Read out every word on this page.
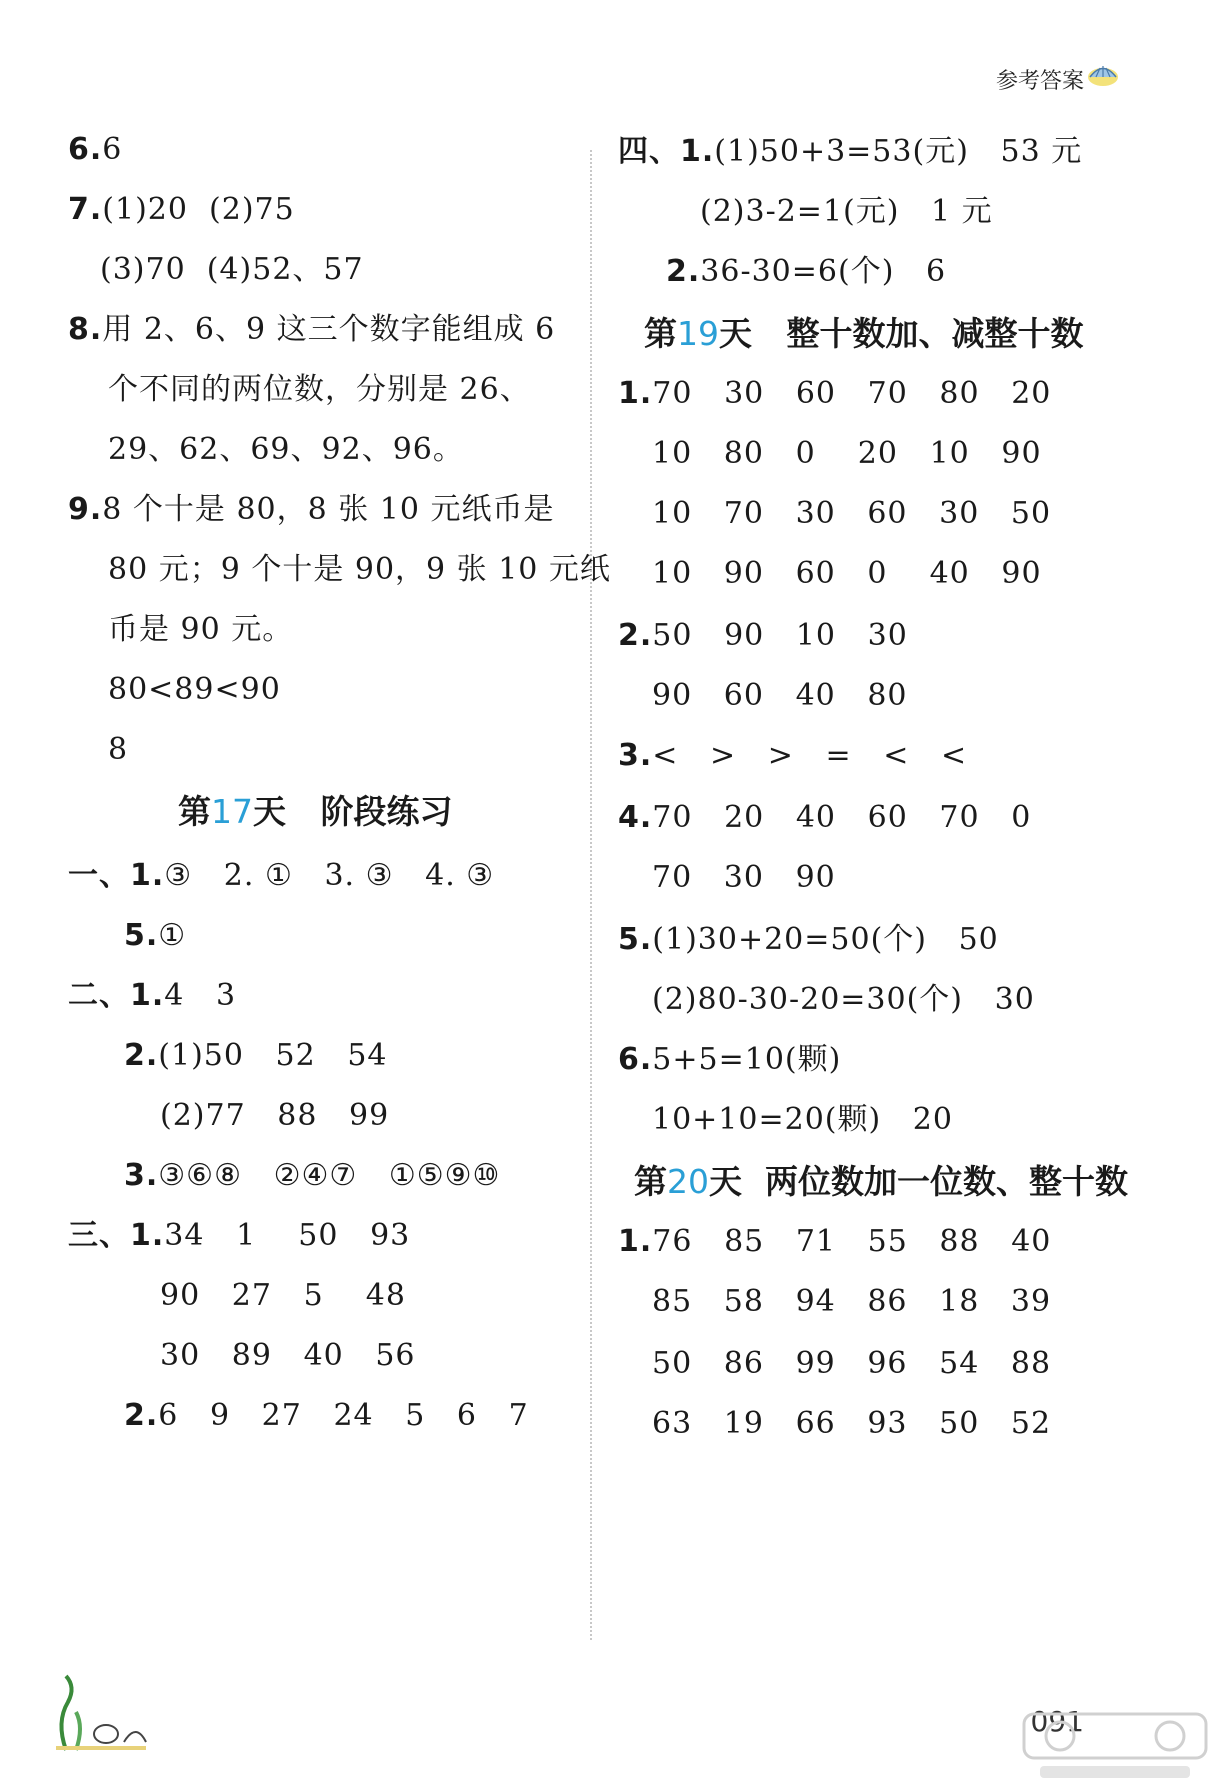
参考答案
6.6
7.(1)20  (2)75
(3)70  (4)52、57
8.用 2、6、9 这三个数字能组成 6
个不同的两位数，分别是 26、
29、62、69、92、96。
9.8 个十是 80，8 张 10 元纸币是
80 元；9 个十是 90，9 张 10 元纸
币是 90 元。
80<89<90
8
第17天   阶段练习
一、1.③   2. ①   3. ③   4. ③
5.①
二、1.4   3
2.(1)50   52   54
(2)77   88   99
3.③⑥⑧   ②④⑦   ①⑤⑨⑩
三、1.34   1    50   93
90   27   5    48
30   89   40   56
2.6   9   27   24   5   6   7
四、1.(1)50+3=53(元)   53 元
(2)3-2=1(元)   1 元
2.36-30=6(个)   6
第19天   整十数加、减整十数
1.70   30   60   70   80   20
10   80   0    20   10   90
10   70   30   60   30   50
10   90   60   0    40   90
2.50   90   10   30
90   60   40   80
3.<   >   >   =   <   <
4.70   20   40   60   70   0
70   30   90
5.(1)30+20=50(个)   50
(2)80-30-20=30(个)   30
6.5+5=10(颗)
10+10=20(颗)   20
第20天  两位数加一位数、整十数
1.76   85   71   55   88   40
85   58   94   86   18   39
50   86   99   96   54   88
63   19   66   93   50   52
091
